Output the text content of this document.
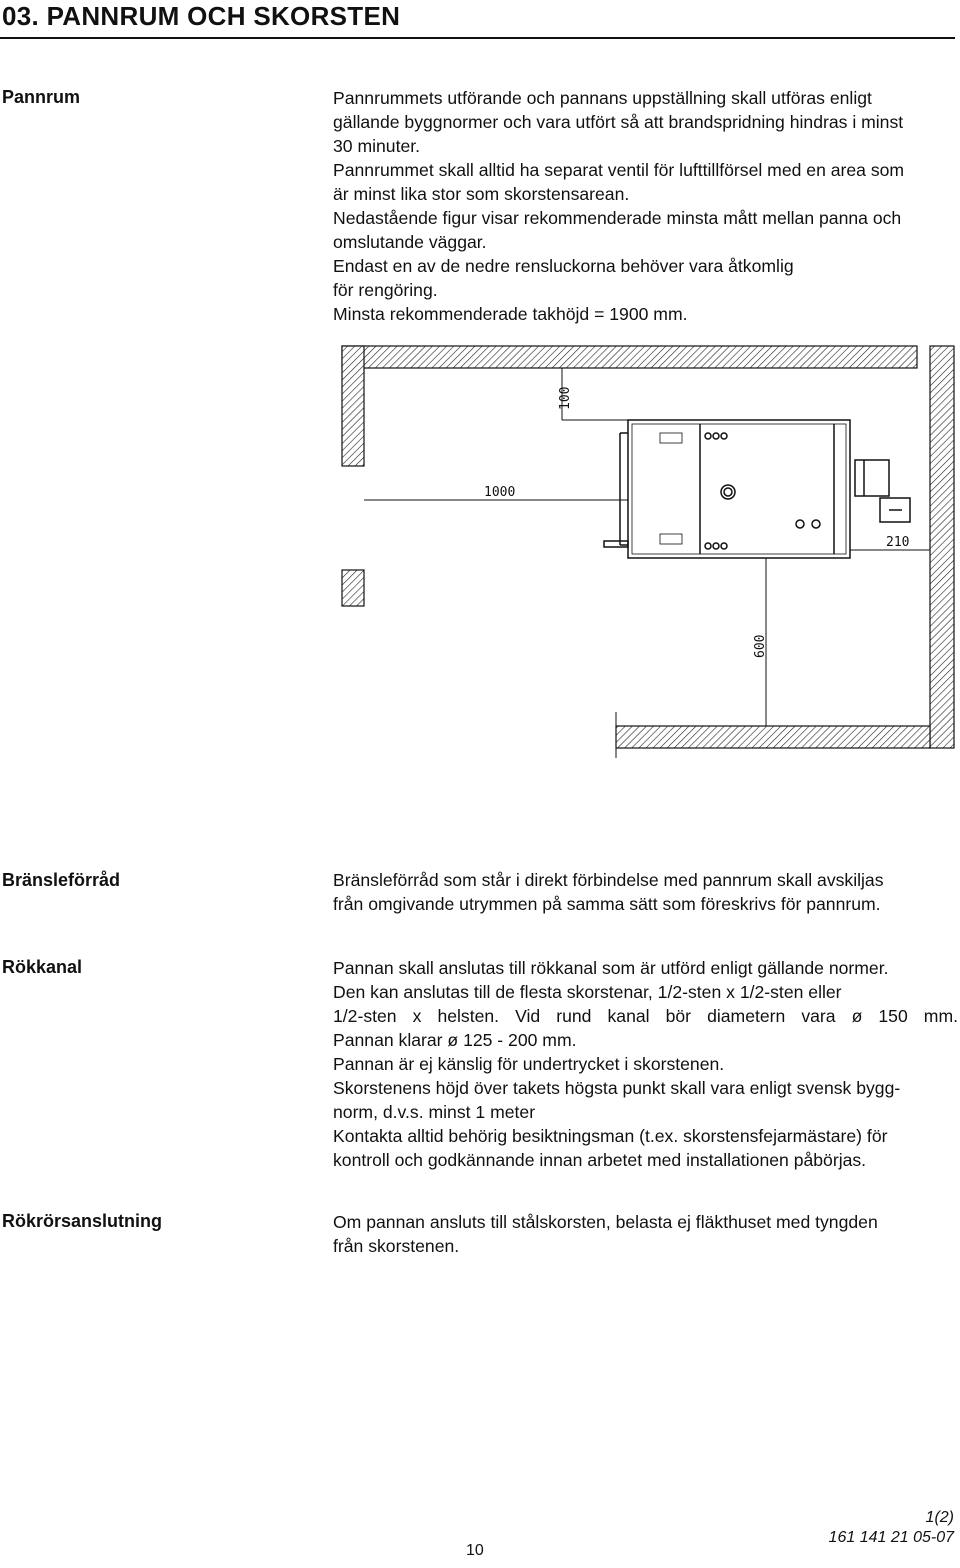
03. PANNRUM OCH SKORSTEN
Pannrum	Pannrummets utförande och pannans uppställning skall utföras enligt
gällande byggnormer och vara utfört så att brandspridning hindras i minst
30 minuter.
Pannrummet skall alltid ha separat ventil för lufttillförsel med en area som
är minst lika stor som skorstensarean.
Nedastående figur visar rekommenderade minsta mått mellan panna och
omslutande väggar.
Endast en av de nedre rensluckorna behöver vara åtkomlig
för rengöring.
Minsta rekommenderade takhöjd = 1900 mm.
100
1000
210
600
Bränsleförråd	Bränsleförråd som står i direkt förbindelse med pannrum skall avskiljas
från omgivande utrymmen på samma sätt som föreskrivs för pannrum.
Rökkanal	Pannan skall anslutas till rökkanal som är utförd enligt gällande normer.
Den kan anslutas till de flesta skorstenar, 1/2-sten x 1/2-sten eller
1/2-sten x helsten. Vid rund kanal bör diametern vara ø 150 mm.
Pannan klarar ø 125 - 200 mm.
Pannan är ej känslig för undertrycket i skorstenen.
Skorstenens höjd över takets högsta punkt skall vara enligt svensk bygg-
norm, d.v.s. minst 1 meter
Kontakta alltid behörig besiktningsman (t.ex. skorstensfejarmästare) för
kontroll och godkännande innan arbetet med installationen påbörjas.
Rökrörsanslutning	Om pannan ansluts till stålskorsten, belasta ej fläkthuset med tyngden
från skorstenen.
10
1(2)
161 141 21 05-07
